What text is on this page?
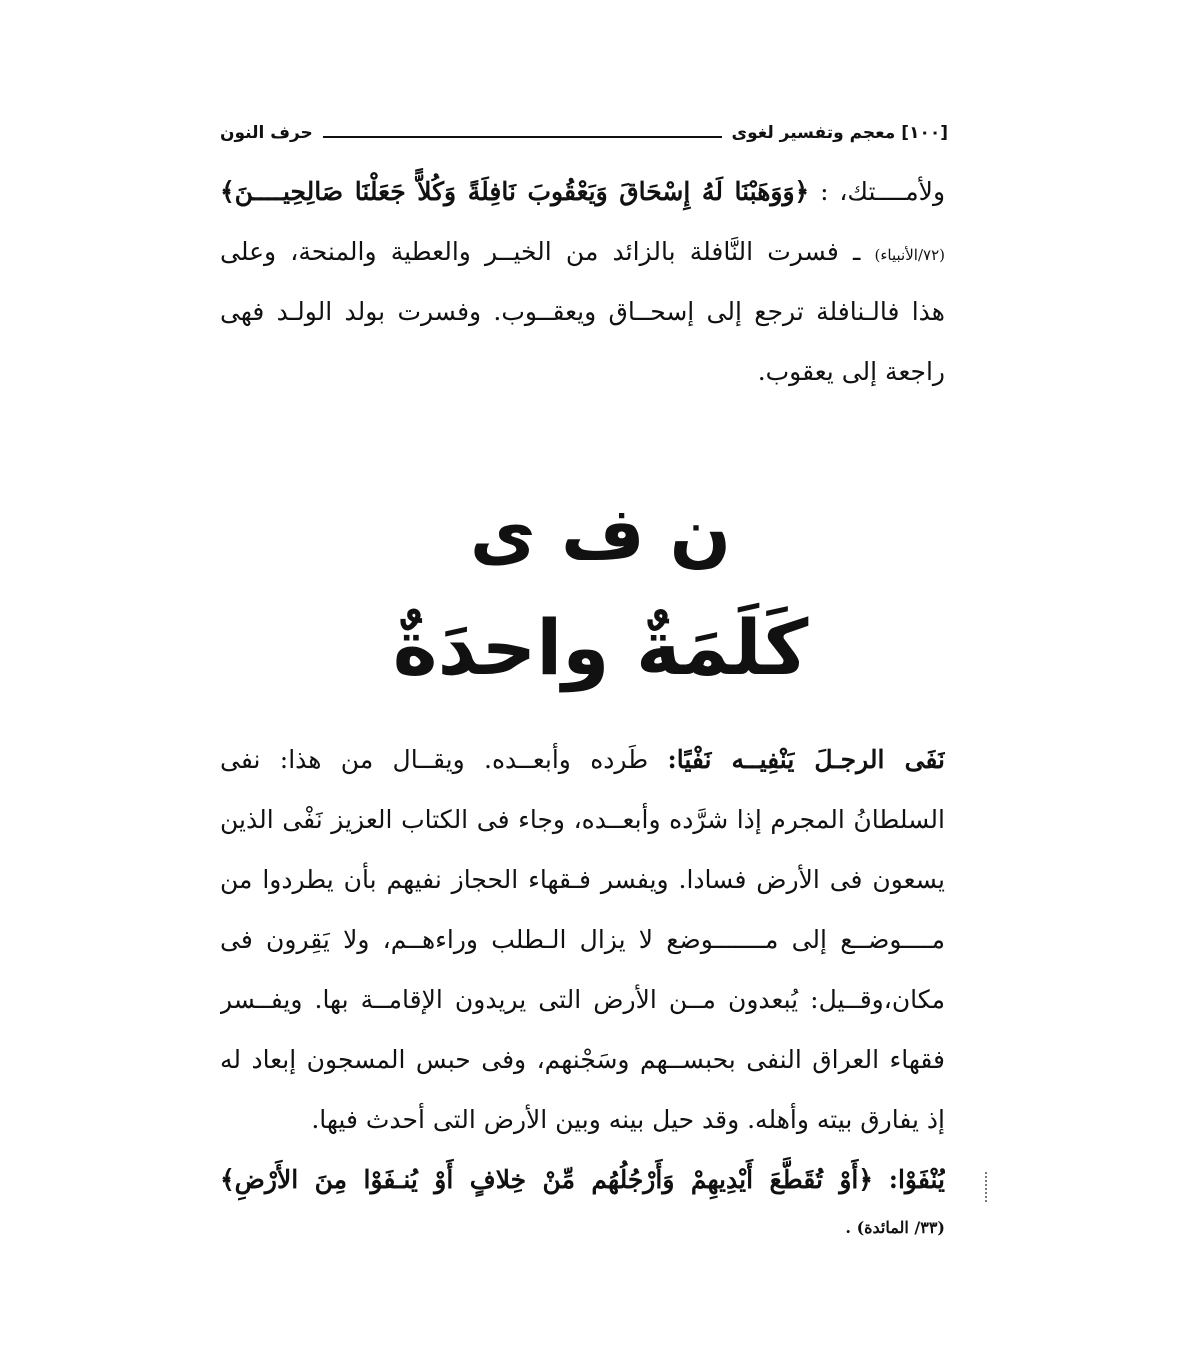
[١٠٠]
معجم وتفسير لغوى
حرف النون
ولأمــــتك، : ﴿وَوَهَبْنَا لَهُ إِسْحَاقَ وَيَعْقُوبَ نَافِلَةً وَكُلاًّ جَعَلْنَا صَالِحِيــــنَ﴾
(٧٢/الأنبياء) ـ فسرت النَّافلة بالزائد من الخيــر والعطية والمنحة، وعلى
هذا فالـنافلة ترجع إلى إسحــاق ويعقــوب. وفسرت بولد الولـد فهى
راجعة إلى يعقوب.
ن ف ى
كَلَمَةٌ واحدَةٌ
نَفَى الرجـلَ يَنْفِيــه نَفْيًا: طَرده وأبعــده. ويقــال من هذا: نفى
السلطانُ المجرم إذا شرَّده وأبعــده، وجاء فى الكتاب العزيز نَفْى الذين
يسعون فى الأرض فسادا. ويفسر فـقهاء الحجاز نفيهم بأن يطردوا من
مــــوضــع إلى مـــــــوضع لا يزال الـطلب وراءهــم، ولا يَقِرون فى
مكان،وقــيل: يُبعدون مــن الأرض التى يريدون الإقامــة بها. ويفــسر
فقهاء العراق النفى بحبســهم وسَجْنهم، وفى حبس المسجون إبعاد له
إذ يفارق بيته وأهله. وقد حيل بينه وبين الأرض التى أحدث فيها.
يُنْفَوْا: ﴿أَوْ تُقَطَّعَ أَيْدِيهِمْ وَأَرْجُلُهُم مِّنْ خِلافٍ أَوْ يُنـفَوْا مِنَ الأَرْضِ﴾
(٣٣/ المائدة) .
